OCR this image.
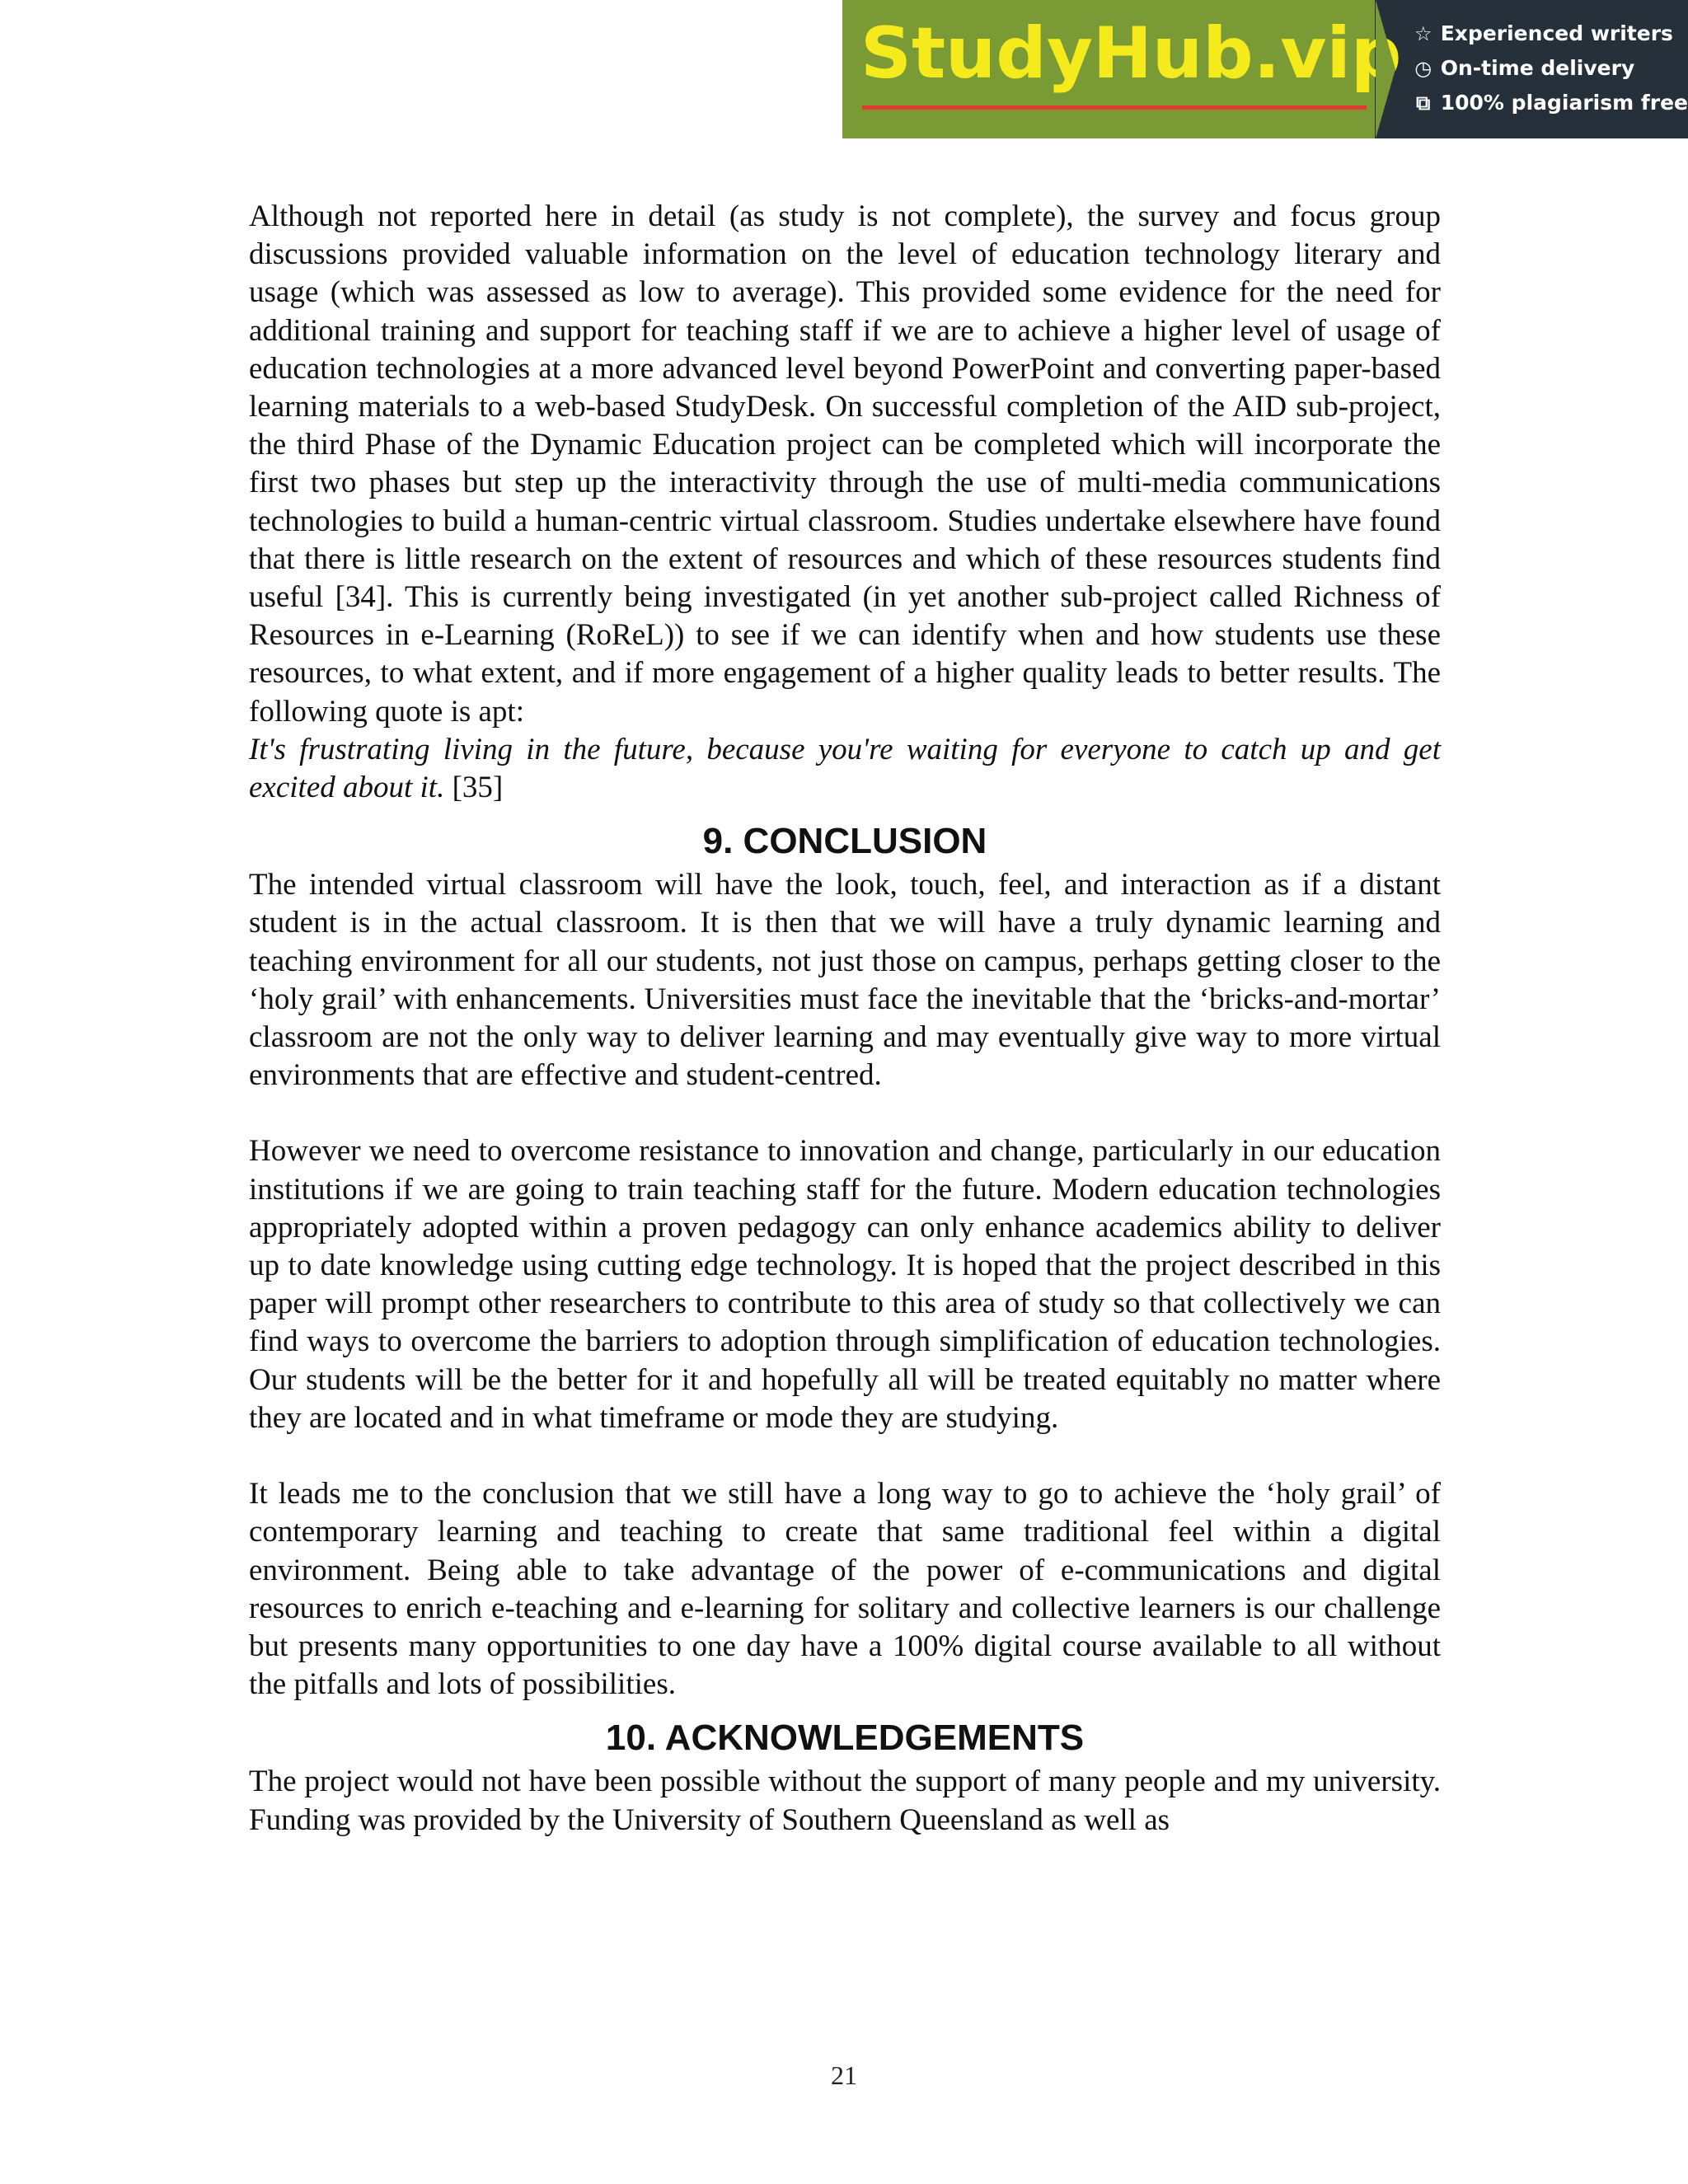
StudyHub.vip ☆ Experienced writers
◷ On-time delivery
⧉ 100% plagiarism free

Although not reported here in detail (as study is not complete), the survey and focus group discussions provided valuable information on the level of education technology literary and usage (which was assessed as low to average). This provided some evidence for the need for additional training and support for teaching staff if we are to achieve a higher level of usage of education technologies at a more advanced level beyond PowerPoint and converting paper-based learning materials to a web-based StudyDesk. On successful completion of the AID sub-project, the third Phase of the Dynamic Education project can be completed which will incorporate the first two phases but step up the interactivity through the use of multi-media communications technologies to build a human-centric virtual classroom. Studies undertake elsewhere have found that there is little research on the extent of resources and which of these resources students find useful [34]. This is currently being investigated (in yet another sub-project called Richness of Resources in e-Learning (RoReL)) to see if we can identify when and how students use these resources, to what extent, and if more engagement of a higher quality leads to better results. The following quote is apt:

It's frustrating living in the future, because you're waiting for everyone to catch up and get excited about it. [35]

9. CONCLUSION

The intended virtual classroom will have the look, touch, feel, and interaction as if a distant student is in the actual classroom. It is then that we will have a truly dynamic learning and teaching environment for all our students, not just those on campus, perhaps getting closer to the ‘holy grail’ with enhancements. Universities must face the inevitable that the ‘bricks-and-mortar’ classroom are not the only way to deliver learning and may eventually give way to more virtual environments that are effective and student-centred.

However we need to overcome resistance to innovation and change, particularly in our education institutions if we are going to train teaching staff for the future. Modern education technologies appropriately adopted within a proven pedagogy can only enhance academics ability to deliver up to date knowledge using cutting edge technology. It is hoped that the project described in this paper will prompt other researchers to contribute to this area of study so that collectively we can find ways to overcome the barriers to adoption through simplification of education technologies. Our students will be the better for it and hopefully all will be treated equitably no matter where they are located and in what timeframe or mode they are studying.

It leads me to the conclusion that we still have a long way to go to achieve the ‘holy grail’ of contemporary learning and teaching to create that same traditional feel within a digital environment. Being able to take advantage of the power of e-communications and digital resources to enrich e-teaching and e-learning for solitary and collective learners is our challenge but presents many opportunities to one day have a 100% digital course available to all without the pitfalls and lots of possibilities.

10. ACKNOWLEDGEMENTS

The project would not have been possible without the support of many people and my university. Funding was provided by the University of Southern Queensland as well as

21
